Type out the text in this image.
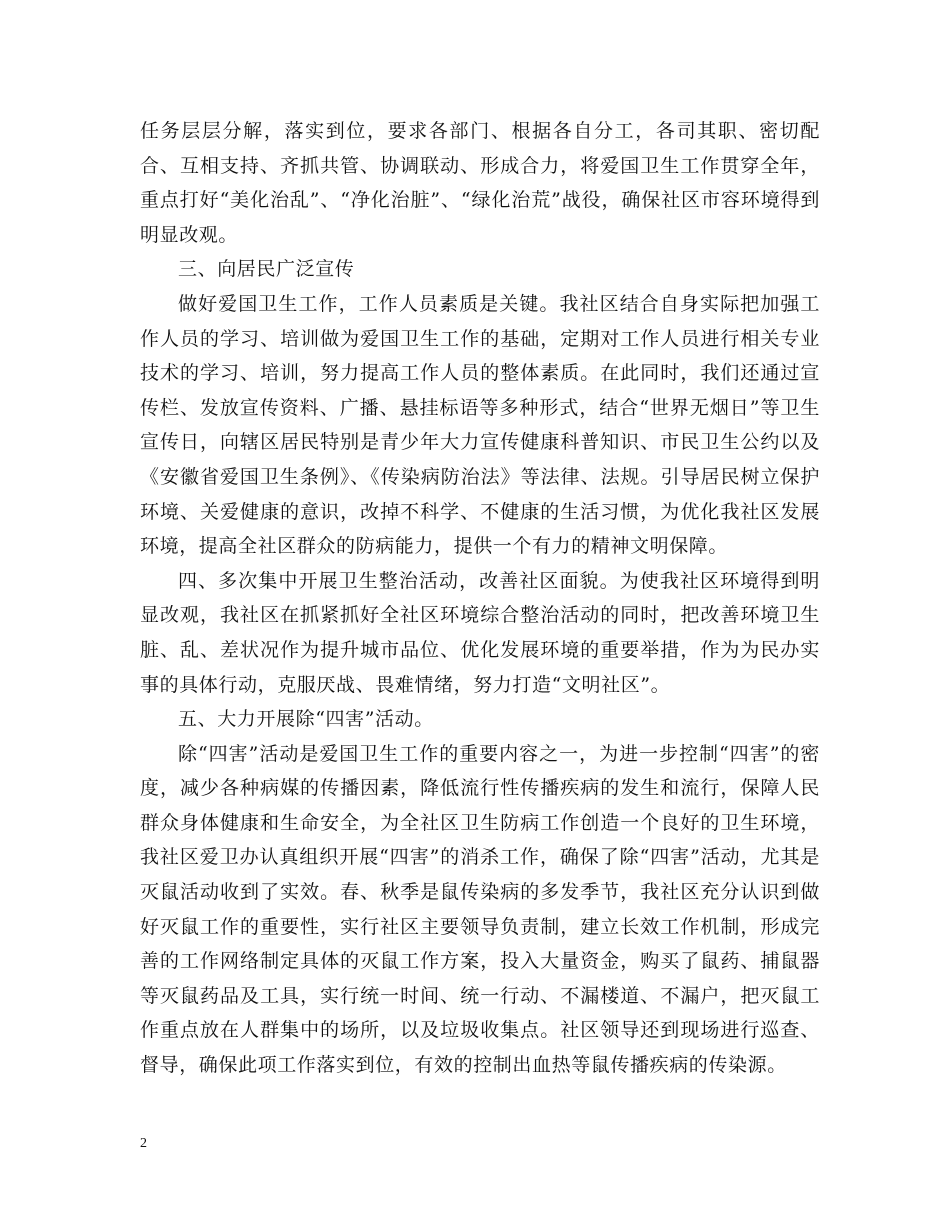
任务层层分解，落实到位，要求各部门、根据各自分工，各司其职、密切配合、互相支持、齐抓共管、协调联动、形成合力，将爱国卫生工作贯穿全年，重点打好“美化治乱”、“净化治脏”、“绿化治荒”战役，确保社区市容环境得到明显改观。

三、向居民广泛宣传

做好爱国卫生工作，工作人员素质是关键。我社区结合自身实际把加强工作人员的学习、培训做为爱国卫生工作的基础，定期对工作人员进行相关专业技术的学习、培训，努力提高工作人员的整体素质。在此同时，我们还通过宣传栏、发放宣传资料、广播、悬挂标语等多种形式，结合“世界无烟日”等卫生宣传日，向辖区居民特别是青少年大力宣传健康科普知识、市民卫生公约以及《安徽省爱国卫生条例》、《传染病防治法》等法律、法规。引导居民树立保护环境、关爱健康的意识，改掉不科学、不健康的生活习惯，为优化我社区发展环境，提高全社区群众的防病能力，提供一个有力的精神文明保障。

四、多次集中开展卫生整治活动，改善社区面貌。为使我社区环境得到明显改观，我社区在抓紧抓好全社区环境综合整治活动的同时，把改善环境卫生脏、乱、差状况作为提升城市品位、优化发展环境的重要举措，作为为民办实事的具体行动，克服厌战、畏难情绪，努力打造“文明社区”。

五、大力开展除“四害”活动。

除“四害”活动是爱国卫生工作的重要内容之一，为进一步控制“四害”的密度，减少各种病媒的传播因素，降低流行性传播疾病的发生和流行，保障人民群众身体健康和生命安全，为全社区卫生防病工作创造一个良好的卫生环境，我社区爱卫办认真组织开展“四害”的消杀工作，确保了除“四害”活动，尤其是灭鼠活动收到了实效。春、秋季是鼠传染病的多发季节，我社区充分认识到做好灭鼠工作的重要性，实行社区主要领导负责制，建立长效工作机制，形成完善的工作网络制定具体的灭鼠工作方案，投入大量资金，购买了鼠药、捕鼠器等灭鼠药品及工具，实行统一时间、统一行动、不漏楼道、不漏户，把灭鼠工作重点放在人群集中的场所，以及垃圾收集点。社区领导还到现场进行巡查、督导，确保此项工作落实到位，有效的控制出血热等鼠传播疾病的传染源。

2
